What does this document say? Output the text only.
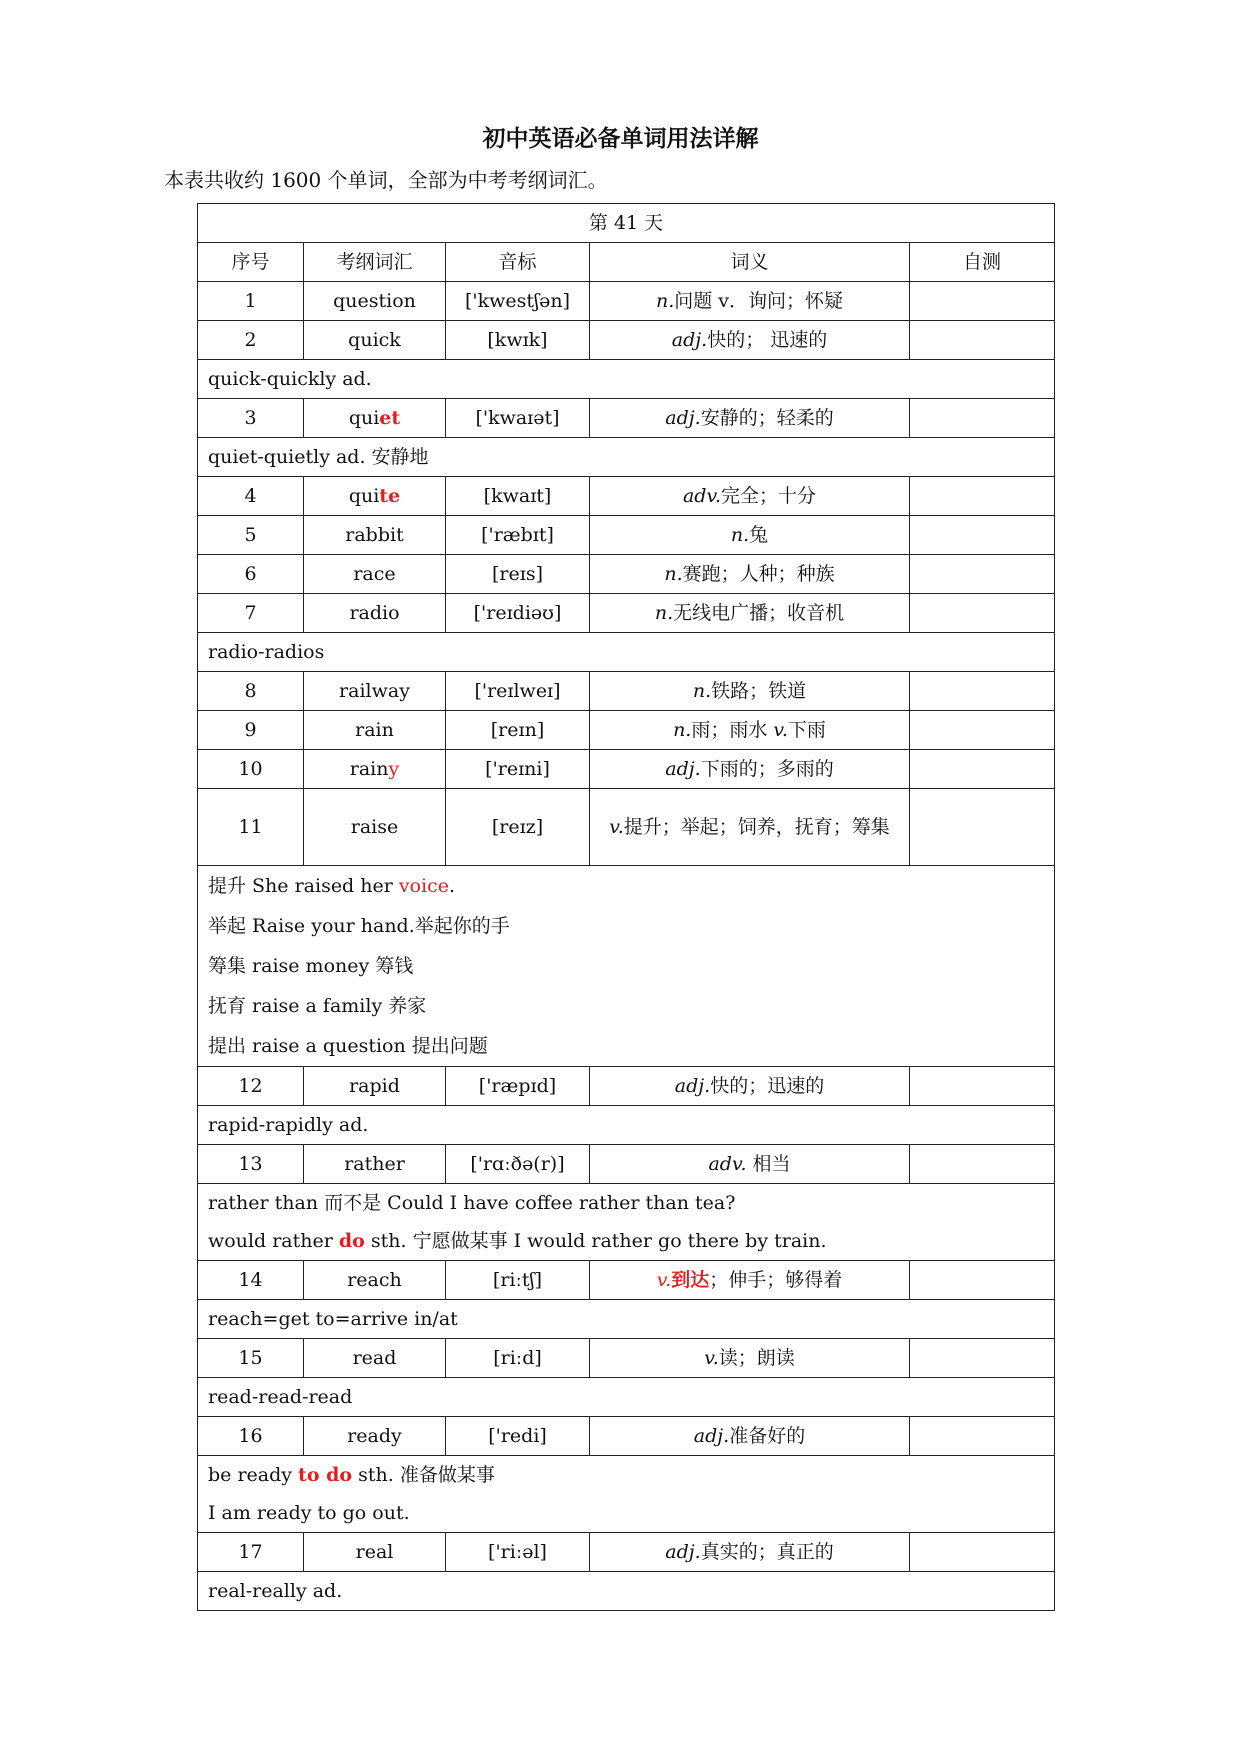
初中英语必备单词用法详解
本表共收约 1600 个单词，全部为中考考纲词汇。
第 41 天				
序号	考纲词汇	音标	词义	自测
1	question	['kwestʃən]	n.问题 v．询问；怀疑	
2	quick	[kwɪk]	adj.快的； 迅速的	
quick-quickly ad.				
3	quiet	['kwaɪət]	adj.安静的；轻柔的	
quiet-quietly ad. 安静地				
4	quite	[kwaɪt]	adv.完全；十分	
5	rabbit	['ræbɪt]	n.兔	
6	race	[reɪs]	n.赛跑；人种；种族	
7	radio	['reɪdiəʊ]	n.无线电广播；收音机	
radio-radios				
8	railway	['reɪlweɪ]	n.铁路；铁道	
9	rain	[reɪn]	n.雨；雨水 v.下雨	
10	rainy	['reɪni]	adj.下雨的；多雨的	
11	raise	[reɪz]	v.提升；举起；饲养，抚育；筹集	

提升 She raised her voice.
举起 Raise your hand.举起你的手
筹集 raise money 筹钱
抚育 raise a family 养家
提出 raise a question 提出问题				

12	rapid	['ræpɪd]	adj.快的；迅速的	
rapid-rapidly ad.				
13	rather	['rɑːðə(r)]	adv. 相当	

rather than 而不是 Could I have coffee rather than tea?
would rather do sth. 宁愿做某事 I would rather go there by train.				

14	reach	[riːtʃ]	v.到达；伸手；够得着	
reach=get to=arrive in/at				
15	read	[riːd]	v.读；朗读	
read-read-read				
16	ready	['redi]	adj.准备好的	

be ready to do sth. 准备做某事
I am ready to go out.				

17	real	['riːəl]	adj.真实的；真正的	
real-really ad.				
